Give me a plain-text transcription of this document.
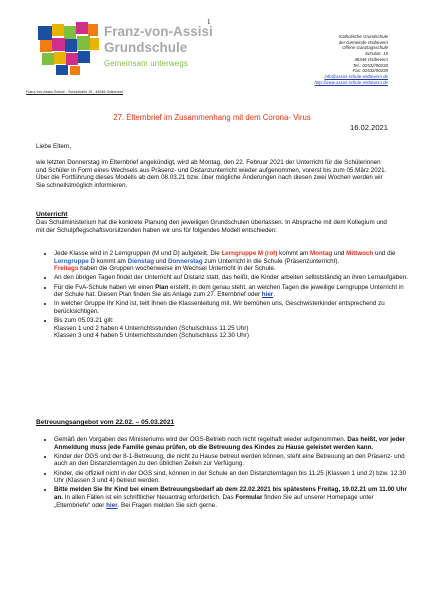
1
Franz-von-Assisi
Grundschule
Gemeinsam unterwegs
Franz-von-Assisi-Schule - Schulstraße 15 - 48346 Ostbevern
Katholische Grundschule
der Gemeinde Ostbevern
Offene Ganztagsschule
Schulstr. 15
48346 Ostbevern
Tel.: 02532/90230
Fax: 02532/90239
info@assisi-schule-ostbevern.de
http://www.assisi-schule-ostbevern.de
27. Elternbrief im Zusammenhang mit dem Corona- Virus
16.02.2021
Liebe Eltern,
wie letzten Donnerstag im Elternbrief angekündigt, wird ab Montag, den 22. Februar 2021 der Unterricht für die Schülerinnen und Schüler in Form eines Wechsels aus Präsenz- und Distanzunterricht wieder aufgenommen, vorerst bis zum 05.März 2021. Über die Fortführung dieses Modells ab dem 08.03.21 bzw. über mögliche Änderungen nach diesen zwei Wochen werden wir Sie schnellstmöglich informieren.
Unterricht
Das Schulministerium hat die konkrete Planung den jeweiligen Grundschulen überlassen. In Absprache mit dem Kollegium und mit der Schulpflegschaftsvorsitzenden haben wir uns für folgendes Modell entschieden:
• Jede Klasse wird in 2 Lerngruppen (M und D) aufgeteilt. Die Lerngruppe M (rot) kommt am Montag und Mittwoch und die Lerngruppe D kommt am Dienstag und Donnerstag zum Unterricht in die Schule (Präsenzunterricht).
Freitags haben die Gruppen wochenweise im Wechsel Unterricht in der Schule.
• An den übrigen Tagen findet der Unterricht auf Distanz statt, das heißt, die Kinder arbeiten selbstständig an ihren Lernaufgaben.
• Für die FvA-Schule haben wir einen Plan erstellt, in dem genau steht, an welchen Tagen die jeweilige Lerngruppe Unterricht in der Schule hat. Diesen Plan finden Sie als Anlage zum 27. Elternbrief oder hier.
• In welcher Gruppe Ihr Kind ist, teilt Ihnen die Klassenleitung mit. Wir bemühen uns, Geschwisterkinder entsprechend zu berücksichtigen.
• Bis zum 05.03.21 gilt:
Klassen 1 und 2 haben 4 Unterrichtsstunden (Schulschluss 11.25 Uhr)
Klassen 3 und 4 haben 5 Unterrichtsstunden (Schulschluss 12.30 Uhr)
Betreuungsangebot vom 22.02. – 05.03.2021
• Gemäß den Vorgaben des Ministeriums wird der OGS-Betrieb noch nicht regelhaft wieder aufgenommen. Das heißt, vor jeder Anmeldung muss jede Familie genau prüfen, ob die Betreuung des Kindes zu Hause geleistet werden kann.
• Kinder der OGS und der 8-1-Betreuung, die nicht zu Hause betreut werden können, steht eine Betreuung an den Präsenz- und auch an den Distanzlerntagen zu den üblichen Zeiten zur Verfügung.
• Kinder, die offiziell nicht in der OGS sind, können in der Schule an den Distanzlerntagen bis 11.25 (Klassen 1 und 2) bzw. 12.30 Uhr (Klassen 3 und 4) betreut werden.
• Bitte melden Sie Ihr Kind bei einem Betreuungsbedarf ab dem 22.02.2021 bis spätestens Freitag, 19.02.21 um 11.00 Uhr an. In allen Fällen ist ein schriftlicher Neuantrag erforderlich. Das Formular finden Sie auf unserer Homepage unter „Elternbriefe“ oder hier. Bei Fragen melden Sie sich gerne.
